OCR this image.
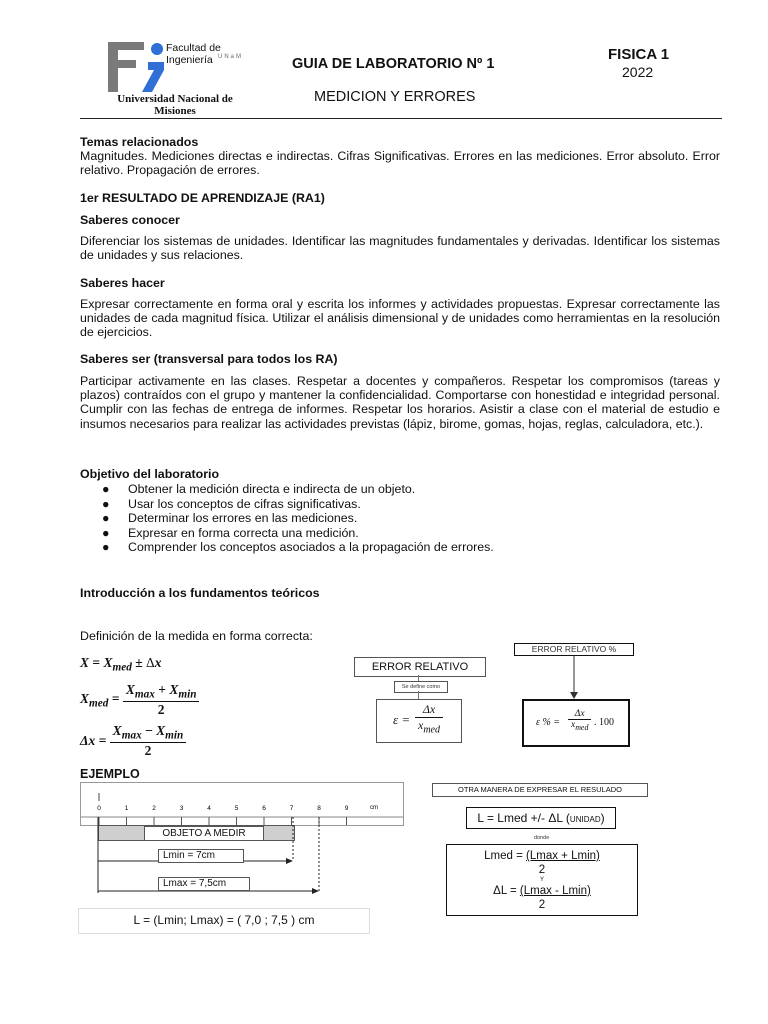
Facultad de Ingeniería UNaM
Universidad Nacional de Misiones
GUIA DE LABORATORIO Nº 1
MEDICION Y ERRORES
FISICA 1
2022

Temas relacionados

Magnitudes. Mediciones directas e indirectas. Cifras Significativas. Errores en las mediciones. Error absoluto. Error relativo. Propagación de errores.

1er RESULTADO DE APRENDIZAJE (RA1)
Saberes conocer
Diferenciar los sistemas de unidades. Identificar las magnitudes fundamentales y derivadas. Identificar los sistemas de unidades y sus relaciones.
Saberes hacer
Expresar correctamente en forma oral y escrita los informes y actividades propuestas. Expresar correctamente las unidades de cada magnitud física. Utilizar el análisis dimensional y de unidades como herramientas en la resolución de ejercicios.
Saberes ser (transversal para todos los RA)
Participar activamente en las clases. Respetar a docentes y compañeros. Respetar los compromisos (tareas y plazos) contraídos con el grupo y mantener la confidencialidad. Comportarse con honestidad e integridad personal. Cumplir con las fechas de entrega de informes. Respetar los horarios. Asistir a clase con el material de estudio e insumos necesarios para realizar las actividades previstas (lápiz, birome, gomas, hojas, reglas, calculadora, etc.).
Objetivo del laboratorio
● Obtener la medición directa e indirecta de un objeto.
● Usar los conceptos de cifras significativas.
● Determinar los errores en las mediciones.
● Expresar en forma correcta una medición.
● Comprender los conceptos asociados a la propagación de errores.
Introducción a los fundamentos teóricos
Definición de la medida en forma correcta:
$X = X_{med} \pm \Delta x$
$X_{med} = \frac{X_{max} + X_{min}}{2}$
$\Delta x = \frac{X_{max} - X_{min}}{2}$
ERROR RELATIVO
Se define como
ε =
Δx
$x_{med}$
ERROR RELATIVO %
ε % =
Δx
$x_{med}$ . 100
EJEMPLO
0	1	2	3	4	5	6	7	8	9	cm
OBJETO A MEDIR
Lmin = 7cm
Lmax = 7,5cm
L = (Lmin; Lmax) = ( 7,0 ; 7,5 ) cm
OTRA MANERA DE EXPRESAR EL RESULADO
L = Lmed +/- ΔL (UNIDAD)
donde
Lmed = (Lmax + Lmin)
2
Y
ΔL = (Lmax - Lmin)
2
